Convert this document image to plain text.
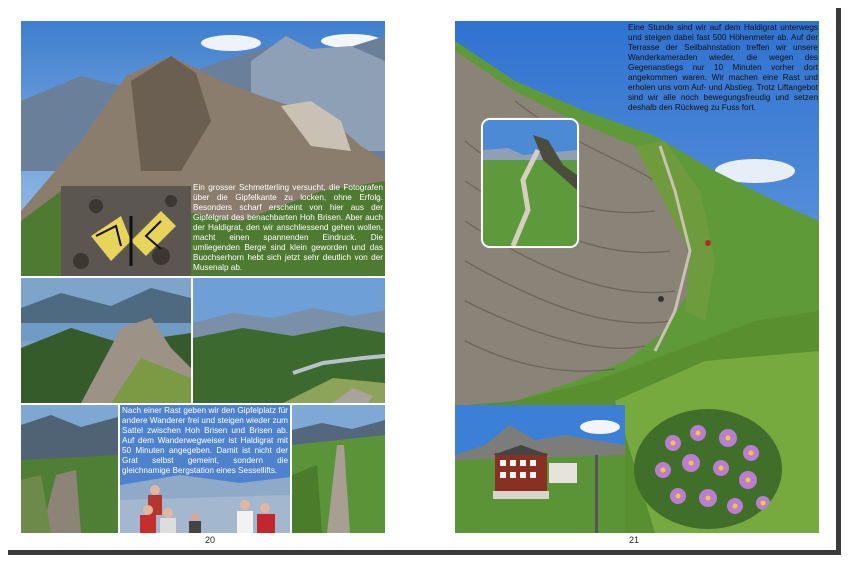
Ein grosser Schmetterling versucht, die Fotografen über die Gipfelkante zu locken, ohne Erfolg. Besonders scharf erscheint von hier aus der Gipfelgrat des benachbarten Hoh Brisen. Aber auch der Haldigrat, den wir anschliessend gehen wollen, macht einen spannenden Eindruck. Die umliegenden Berge sind klein geworden und das Buochserhorn hebt sich jetzt sehr deutlich von der Musenalp ab.
Nach einer Rast geben wir den Gipfelplatz für andere Wanderer frei und steigen wieder zum Sattel zwischen Hoh Brisen und Brisen ab. Auf dem Wanderwegweiser ist Haldigrat mit 50 Minuten angegeben. Damit ist nicht der Grat selbst gemeint, sondern die gleichnamige Bergstation eines Sessellifts.
20
Eine Stunde sind wir auf dem Haldigrat unterwegs und steigen dabei fast 500 Höhenmeter ab. Auf der Terrasse der Seilbahnstation treffen wir unsere Wanderkameraden wieder, die wegen des Gegenanstiegs nur 10 Minuten vorher dort angekommen waren. Wir machen eine Rast und erholen uns vom Auf- und Abstieg. Trotz Liftangebot sind wir alle noch bewegungsfreudig und setzen deshalb den Rückweg zu Fuss fort.
21
